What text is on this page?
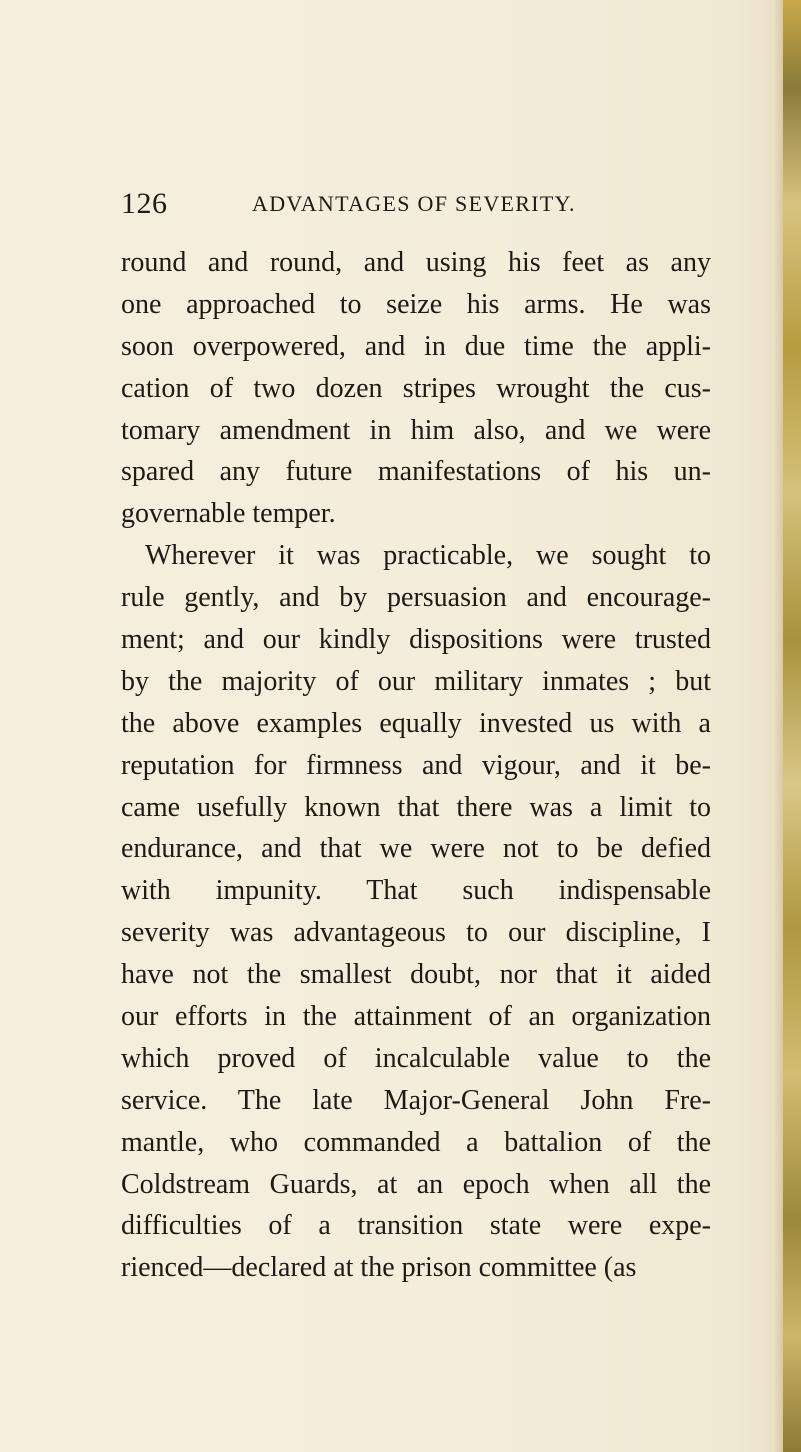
126	ADVANTAGES OF SEVERITY.
round and round, and using his feet as any
one approached to seize his arms. He was
soon overpowered, and in due time the appli-
cation of two dozen stripes wrought the cus-
tomary amendment in him also, and we were
spared any future manifestations of his un-
governable temper.
Wherever it was practicable, we sought to
rule gently, and by persuasion and encourage-
ment; and our kindly dispositions were trusted
by the majority of our military inmates ; but
the above examples equally invested us with a
reputation for firmness and vigour, and it be-
came usefully known that there was a limit to
endurance, and that we were not to be defied
with impunity. That such indispensable
severity was advantageous to our discipline, I
have not the smallest doubt, nor that it aided
our efforts in the attainment of an organization
which proved of incalculable value to the
service. The late Major-General John Fre-
mantle, who commanded a battalion of the
Coldstream Guards, at an epoch when all the
difficulties of a transition state were expe-
rienced—declared at the prison committee (as
